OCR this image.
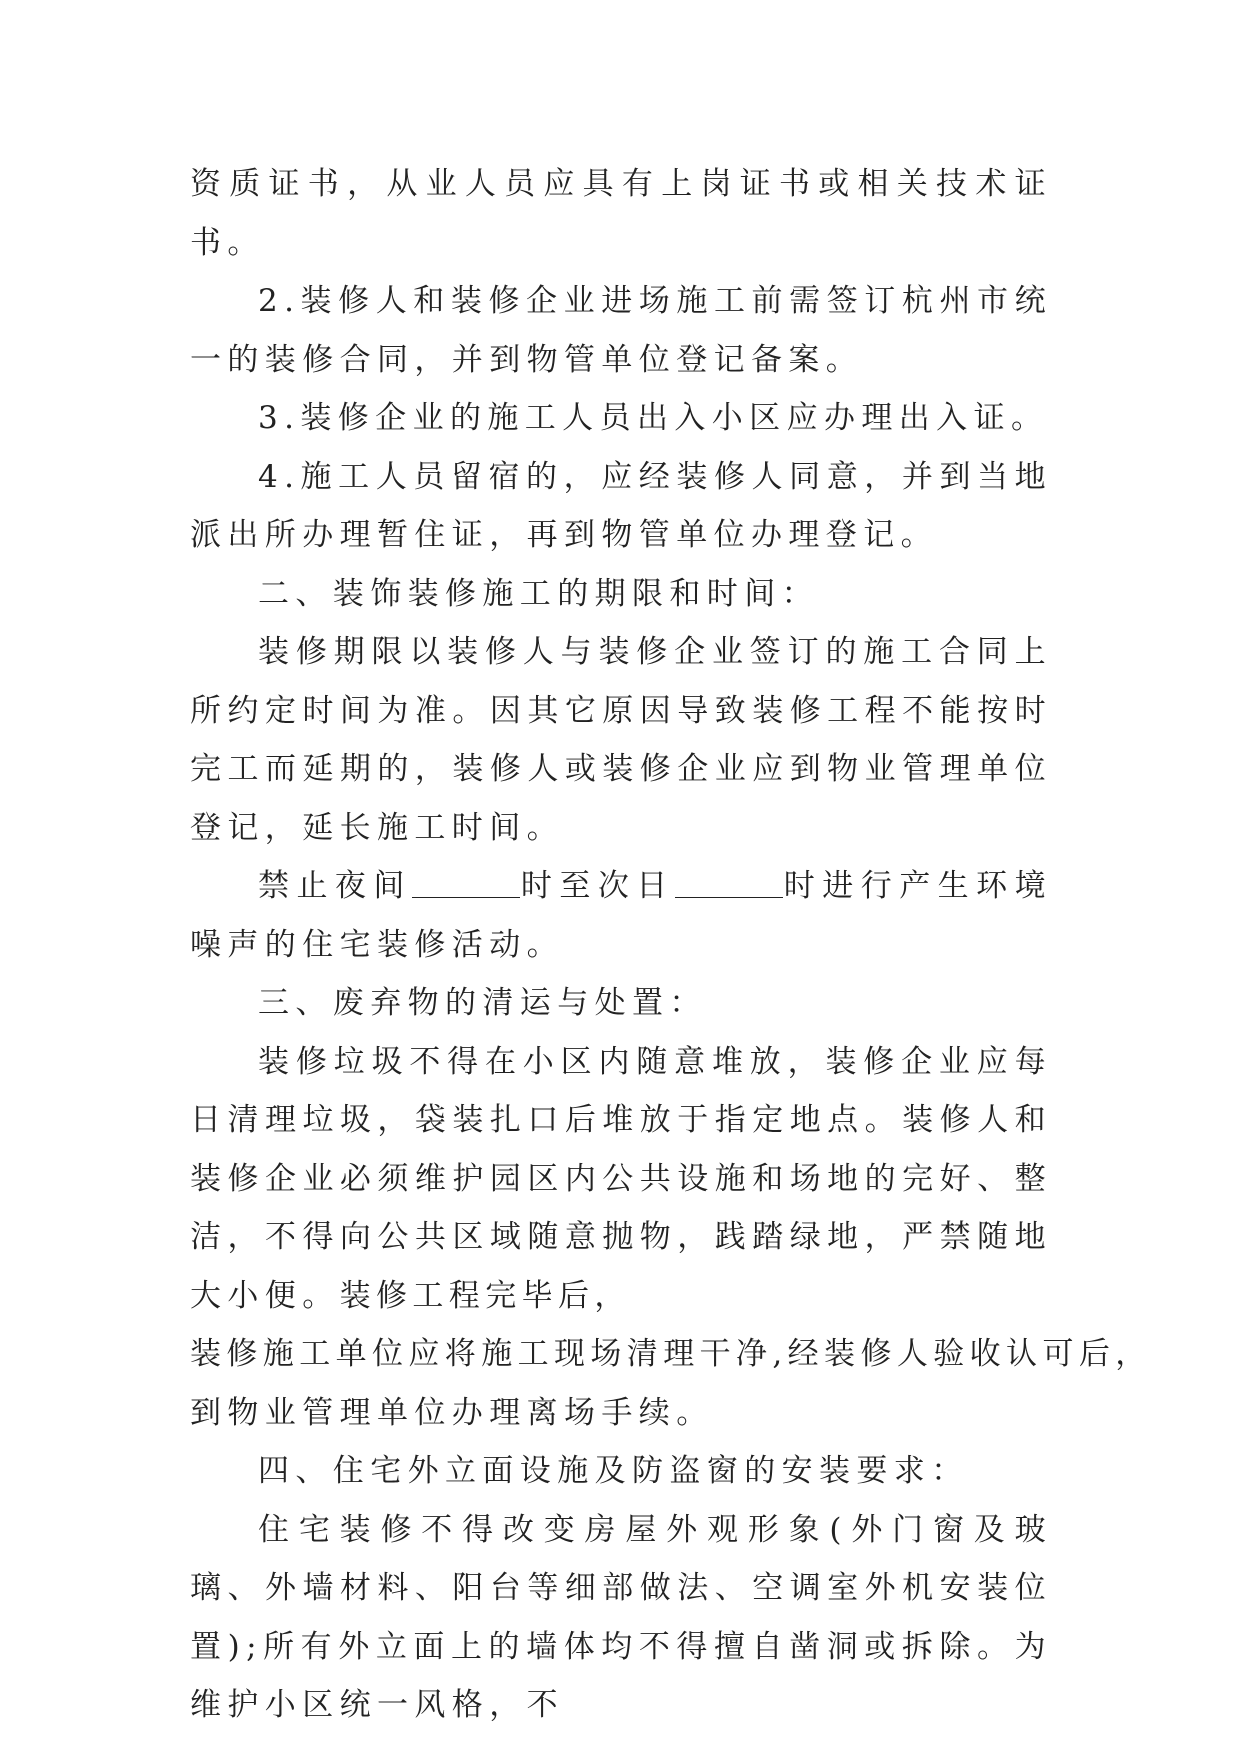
资质证书，从业人员应具有上岗证书或相关技术证书。

2.装修人和装修企业进场施工前需签订杭州市统一的装修合同，并到物管单位登记备案。

3.装修企业的施工人员出入小区应办理出入证。

4.施工人员留宿的，应经装修人同意，并到当地派出所办理暂住证，再到物管单位办理登记。

二、装饰装修施工的期限和时间：

装修期限以装修人与装修企业签订的施工合同上所约定时间为准。因其它原因导致装修工程不能按时完工而延期的，装修人或装修企业应到物业管理单位登记，延长施工时间。

禁止夜间	时至次日	时进行产生环境噪声的住宅装修活动。

三、废弃物的清运与处置：

装修垃圾不得在小区内随意堆放，装修企业应每日清理垃圾，袋装扎口后堆放于指定地点。装修人和装修企业必须维护园区内公共设施和场地的完好、整洁，不得向公共区域随意抛物，践踏绿地，严禁随地大小便。装修工程完毕后，
装修施工单位应将施工现场清理干净,经装修人验收认可后，
到物业管理单位办理离场手续。

四、住宅外立面设施及防盗窗的安装要求：

住宅装修不得改变房屋外观形象(外门窗及玻璃、外墙材料、阳台等细部做法、空调室外机安装位置);所有外立面上的墙体均不得擅自凿洞或拆除。为维护小区统一风格，不
